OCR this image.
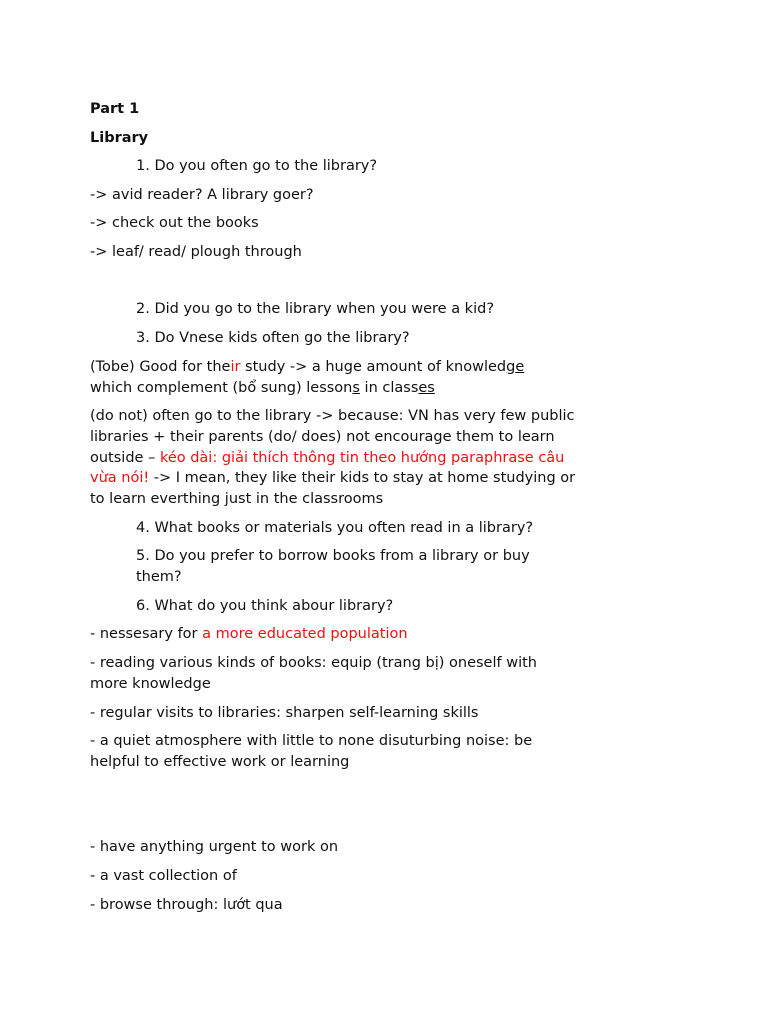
Part 1
Library
1. Do you often go to the library?
-> avid reader? A library goer?
-> check out the books
-> leaf/ read/ plough through
2. Did you go to the library when you were a kid?
3. Do Vnese kids often go the library?
(Tobe) Good for their study -> a huge amount of knowledge
which complement (bổ sung) lessons in classes
(do not) often go to the library -> because: VN has very few public libraries + their parents (do/ does) not encourage them to learn outside – kéo dài: giải thích thông tin theo hướng paraphrase câu vừa nói! -> I mean, they like their kids to stay at home studying or to learn everthing just in the classrooms
4. What books or materials you often read in a library?
5. Do you prefer to borrow books from a library or buy them?
6. What do you think abour library?
- nessesary for a more educated population
- reading various kinds of books: equip (trang bị) oneself with more knowledge
- regular visits to libraries: sharpen self-learning skills
- a quiet atmosphere with little to none disuturbing noise: be helpful to effective work or learning
- have anything urgent to work on
- a vast collection of
- browse through: lướt qua
